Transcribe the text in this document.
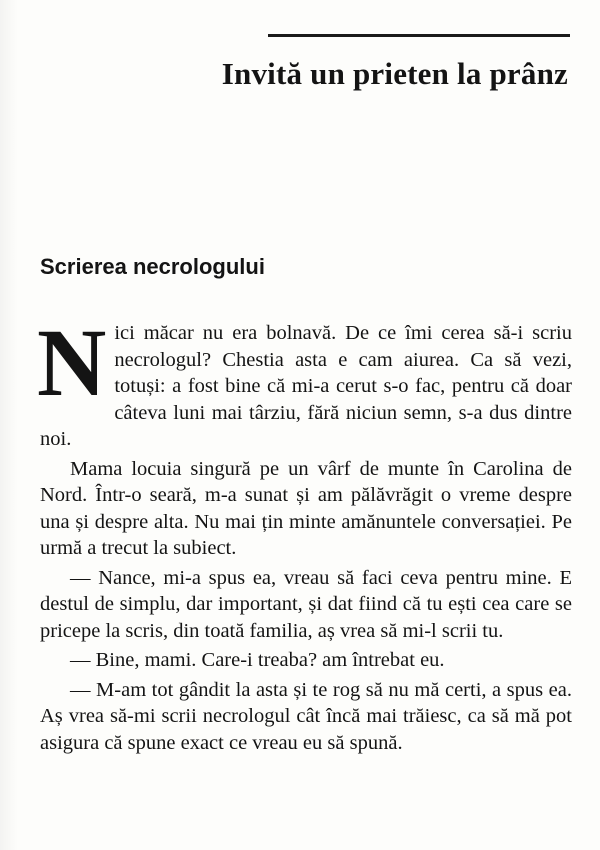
Invită un prieten la prânz
Scrierea necrologului

Nici măcar nu era bolnavă. De ce îmi cerea să-i scriu necrologul? Chestia asta e cam aiurea. Ca să vezi, totuși: a fost bine că mi-a cerut s-o fac, pentru că doar câteva luni mai târziu, fără niciun semn, s-a dus dintre noi.

Mama locuia singură pe un vârf de munte în Carolina de Nord. Într-o seară, m-a sunat și am pălăvrăgit o vreme despre una și despre alta. Nu mai țin minte amănuntele conversației. Pe urmă a trecut la subiect.

— Nance, mi-a spus ea, vreau să faci ceva pentru mine. E destul de simplu, dar important, și dat fiind că tu ești cea care se pricepe la scris, din toată familia, aș vrea să mi-l scrii tu.

— Bine, mami. Care-i treaba? am întrebat eu.

— M-am tot gândit la asta și te rog să nu mă certi, a spus ea. Aș vrea să-mi scrii necrologul cât încă mai trăiesc, ca să mă pot asigura că spune exact ce vreau eu să spună.
